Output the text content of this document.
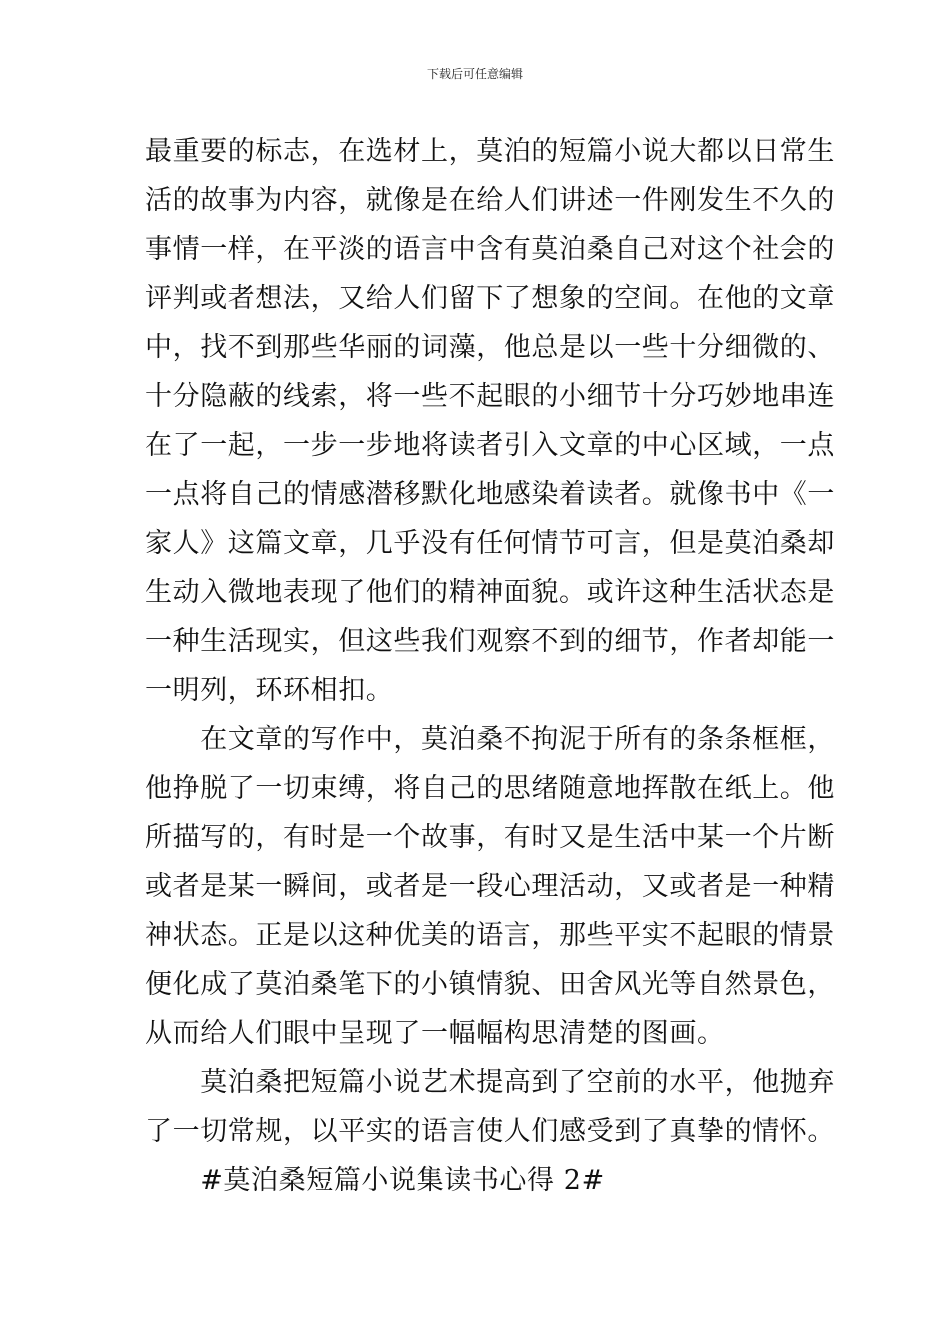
下载后可任意编辑
最重要的标志，在选材上，莫泊的短篇小说大都以日常生
活的故事为内容，就像是在给人们讲述一件刚发生不久的
事情一样，在平淡的语言中含有莫泊桑自己对这个社会的
评判或者想法，又给人们留下了想象的空间。在他的文章
中，找不到那些华丽的词藻，他总是以一些十分细微的、
十分隐蔽的线索，将一些不起眼的小细节十分巧妙地串连
在了一起，一步一步地将读者引入文章的中心区域，一点
一点将自己的情感潜移默化地感染着读者。就像书中《一
家人》这篇文章，几乎没有任何情节可言，但是莫泊桑却
生动入微地表现了他们的精神面貌。或许这种生活状态是
一种生活现实，但这些我们观察不到的细节，作者却能一
一明列，环环相扣。
　　在文章的写作中，莫泊桑不拘泥于所有的条条框框，
他挣脱了一切束缚，将自己的思绪随意地挥散在纸上。他
所描写的，有时是一个故事，有时又是生活中某一个片断
或者是某一瞬间，或者是一段心理活动，又或者是一种精
神状态。正是以这种优美的语言，那些平实不起眼的情景
便化成了莫泊桑笔下的小镇情貌、田舍风光等自然景色，
从而给人们眼中呈现了一幅幅构思清楚的图画。
　　莫泊桑把短篇小说艺术提高到了空前的水平，他抛弃
了一切常规，以平实的语言使人们感受到了真挚的情怀。
　　#莫泊桑短篇小说集读书心得 2#
